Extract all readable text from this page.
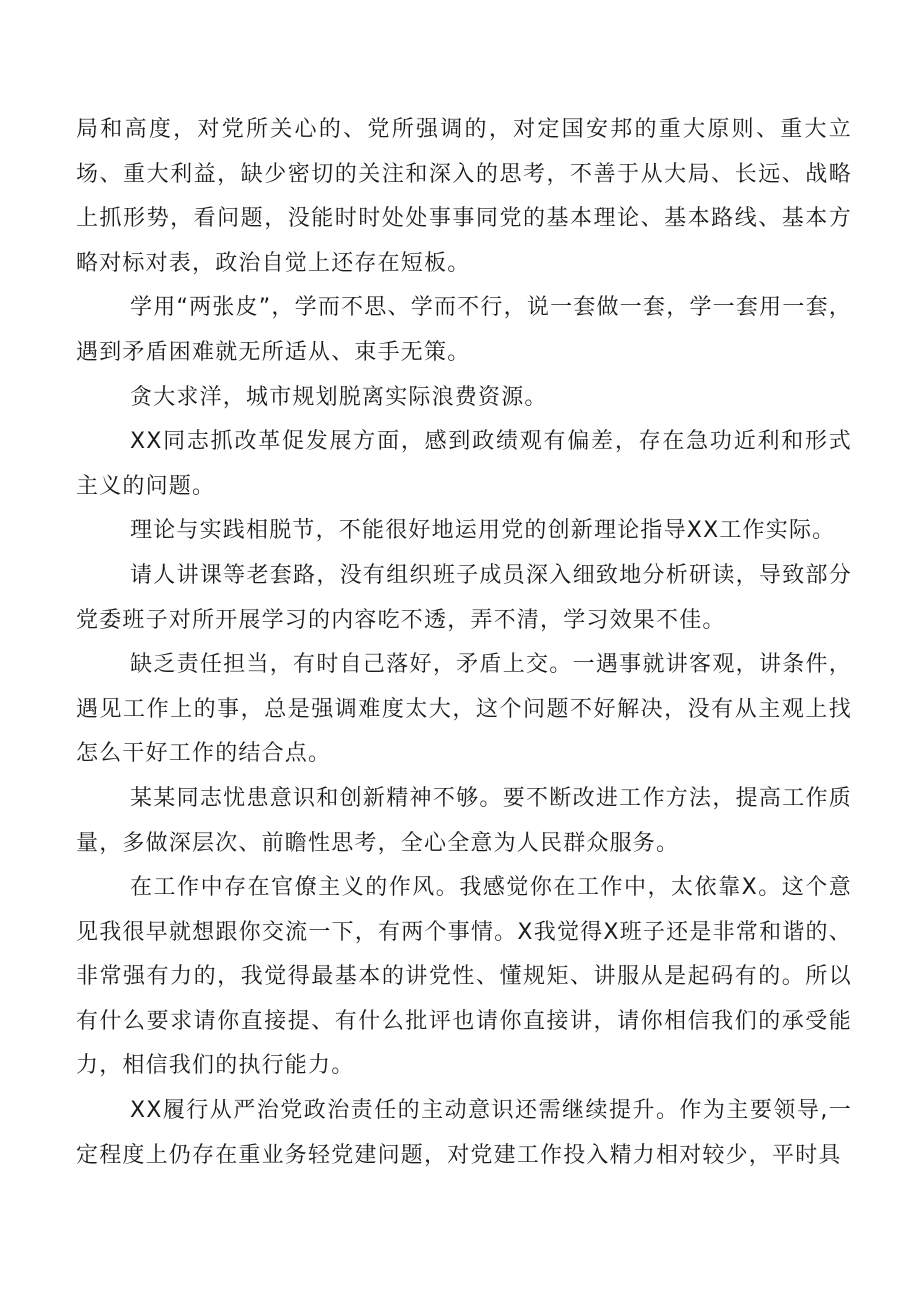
局和高度，对党所关心的、党所强调的，对定国安邦的重大原则、重大立场、重大利益，缺少密切的关注和深入的思考，不善于从大局、长远、战略上抓形势，看问题，没能时时处处事事同党的基本理论、基本路线、基本方略对标对表，政治自觉上还存在短板。

学用“两张皮”，学而不思、学而不行，说一套做一套，学一套用一套，遇到矛盾困难就无所适从、束手无策。

贪大求洋，城市规划脱离实际浪费资源。

XX同志抓改革促发展方面，感到政绩观有偏差，存在急功近利和形式主义的问题。

理论与实践相脱节，不能很好地运用党的创新理论指导XX工作实际。

请人讲课等老套路，没有组织班子成员深入细致地分析研读，导致部分党委班子对所开展学习的内容吃不透，弄不清，学习效果不佳。

缺乏责任担当，有时自己落好，矛盾上交。一遇事就讲客观，讲条件，遇见工作上的事，总是强调难度太大，这个问题不好解决，没有从主观上找怎么干好工作的结合点。

某某同志忧患意识和创新精神不够。要不断改进工作方法，提高工作质量，多做深层次、前瞻性思考，全心全意为人民群众服务。

在工作中存在官僚主义的作风。我感觉你在工作中，太依靠X。这个意见我很早就想跟你交流一下，有两个事情。X我觉得X班子还是非常和谐的、非常强有力的，我觉得最基本的讲党性、懂规矩、讲服从是起码有的。所以有什么要求请你直接提、有什么批评也请你直接讲，请你相信我们的承受能力，相信我们的执行能力。

XX履行从严治党政治责任的主动意识还需继续提升。作为主要领导,一定程度上仍存在重业务轻党建问题，对党建工作投入精力相对较少，平时具
